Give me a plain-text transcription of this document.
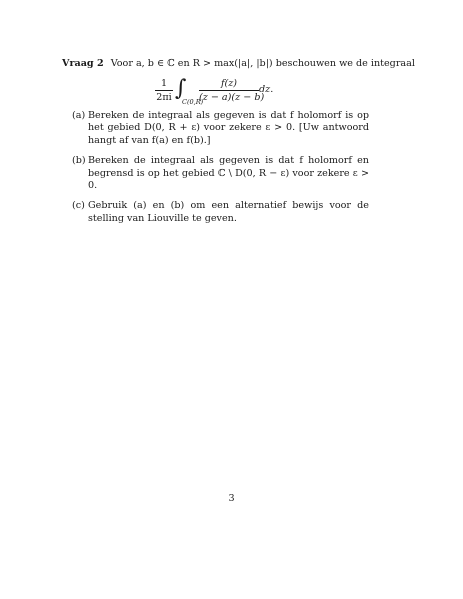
Vraag 2 Voor a, b ∈ ℂ en R > max(|a|, |b|) beschouwen we de integraal
1
2πi ∫
C(0,R)
f(z)
(z − a)(z − b)
dz.
(a) Bereken de integraal als gegeven is dat f holomorf is op het gebied D(0, R + ε) voor zekere ε > 0. [Uw antwoord hangt af van f(a) en f(b).]
(b) Bereken de integraal als gegeven is dat f holomorf en begrensd is op het gebied ℂ \ D(0, R − ε) voor zekere ε > 0.
(c) Gebruik (a) en (b) om een alternatief bewijs voor de stelling van Liouville te geven.
3
